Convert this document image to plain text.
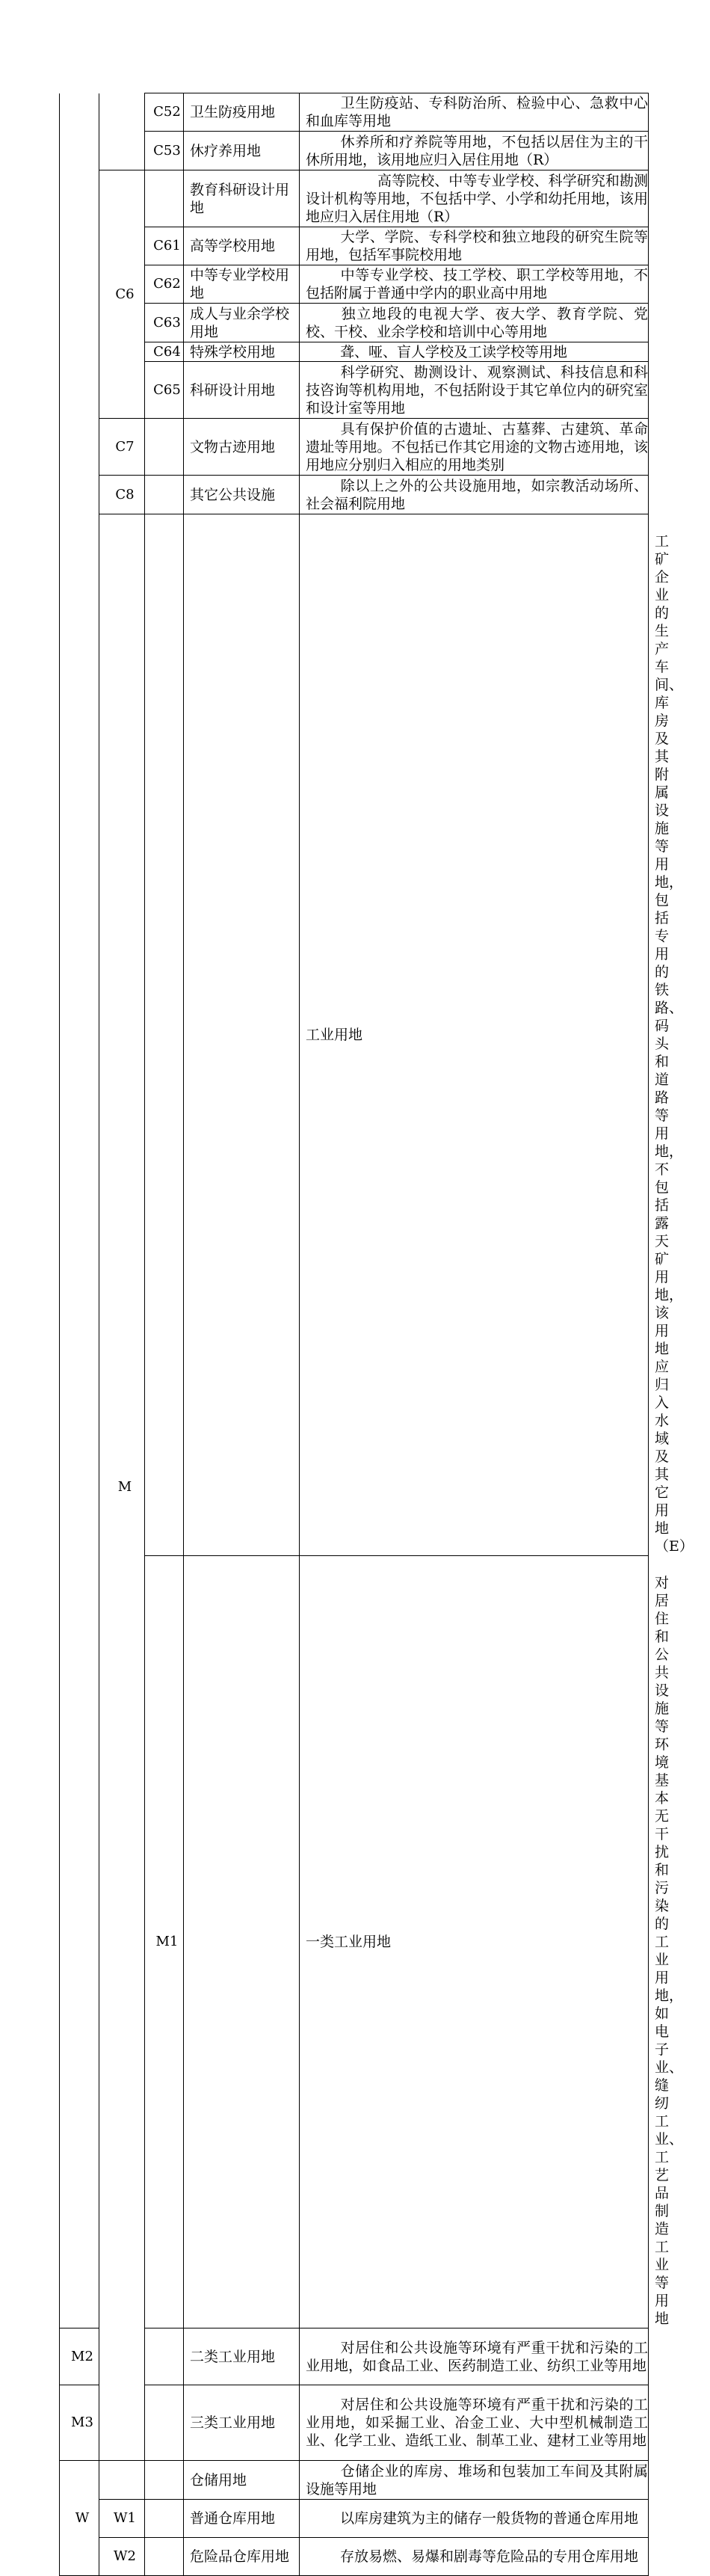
		C52	卫生防疫用地	卫生防疫站、专科防治所、检验中心、急救中心和血库等用地	
		C53	休疗养用地	休养所和疗养院等用地，不包括以居住为主的干休所用地，该用地应归入居住用地（R）	
	C6		教育科研设计用地	高等院校、中等专业学校、科学研究和勘测设计机构等用地，不包括中学、小学和幼托用地，该用地应归入居住用地（R）	
		C61	高等学校用地	大学、学院、专科学校和独立地段的研究生院等用地，包括军事院校用地	
		C62	中等专业学校用地	中等专业学校、技工学校、职工学校等用地，不包括附属于普通中学内的职业高中用地	
		C63	成人与业余学校用地	独立地段的电视大学、夜大学、教育学院、党校、干校、业余学校和培训中心等用地	
		C64	特殊学校用地	聋、哑、盲人学校及工读学校等用地	
		C65	科研设计用地	科学研究、勘测设计、观察测试、科技信息和科技咨询等机构用地，不包括附设于其它单位内的研究室和设计室等用地	
	C7		文物古迹用地	具有保护价值的古遗址、古墓葬、古建筑、革命遗址等用地。不包括已作其它用途的文物古迹用地，该用地应分别归入相应的用地类别	
	C8		其它公共设施	除以上之外的公共设施用地，如宗教活动场所、社会福利院用地	
	M			工业用地	工矿企业的生产车间、库房及其附属设施等用地，包括专用的铁路、码头和道路等用地，不包括露天矿用地，该用地应归入水域及其它用地（E）
		M1		一类工业用地	对居住和公共设施等环境基本无干扰和污染的工业用地，如电子业、缝纫工业、工艺品制造工业等用地
M2			二类工业用地	对居住和公共设施等环境有严重干扰和污染的工业用地，如食品工业、医药制造工业、纺织工业等用地	
M3			三类工业用地	对居住和公共设施等环境有严重干扰和污染的工业用地，如采掘工业、冶金工业、大中型机械制造工业、化学工业、造纸工业、制革工业、建材工业等用地	
W			仓储用地	仓储企业的库房、堆场和包装加工车间及其附属设施等用地	
	W1		普通仓库用地	以库房建筑为主的储存一般货物的普通仓库用地	
	W2		危险品仓库用地	存放易燃、易爆和剧毒等危险品的专用仓库用地	
